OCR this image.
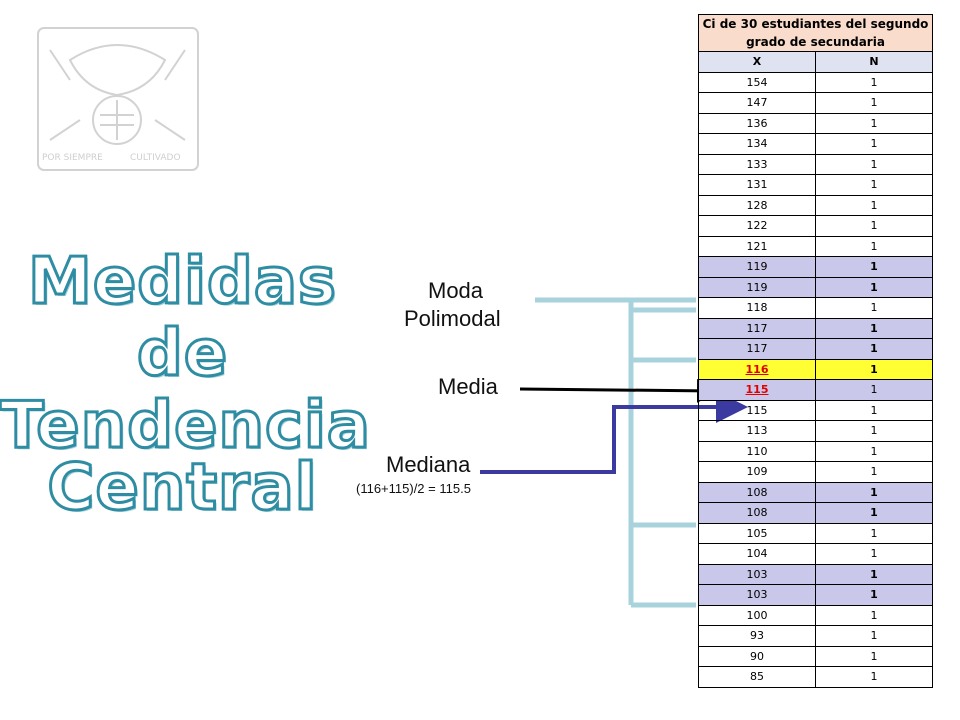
POR SIEMPRE	CULTIVADO
Medidas
de
Tendencia
Central
Moda
Polimodal
Media
Mediana
(116+115)/2 = 115.5
Ci de 30 estudiantes del segundo grado de secundaria	
X	N
154	1
147	1
136	1
134	1
133	1
131	1
128	1
122	1
121	1
119	1
119	1
118	1
117	1
117	1
116	1
115	1
115	1
113	1
110	1
109	1
108	1
108	1
105	1
104	1
103	1
103	1
100	1
93	1
90	1
85	1
